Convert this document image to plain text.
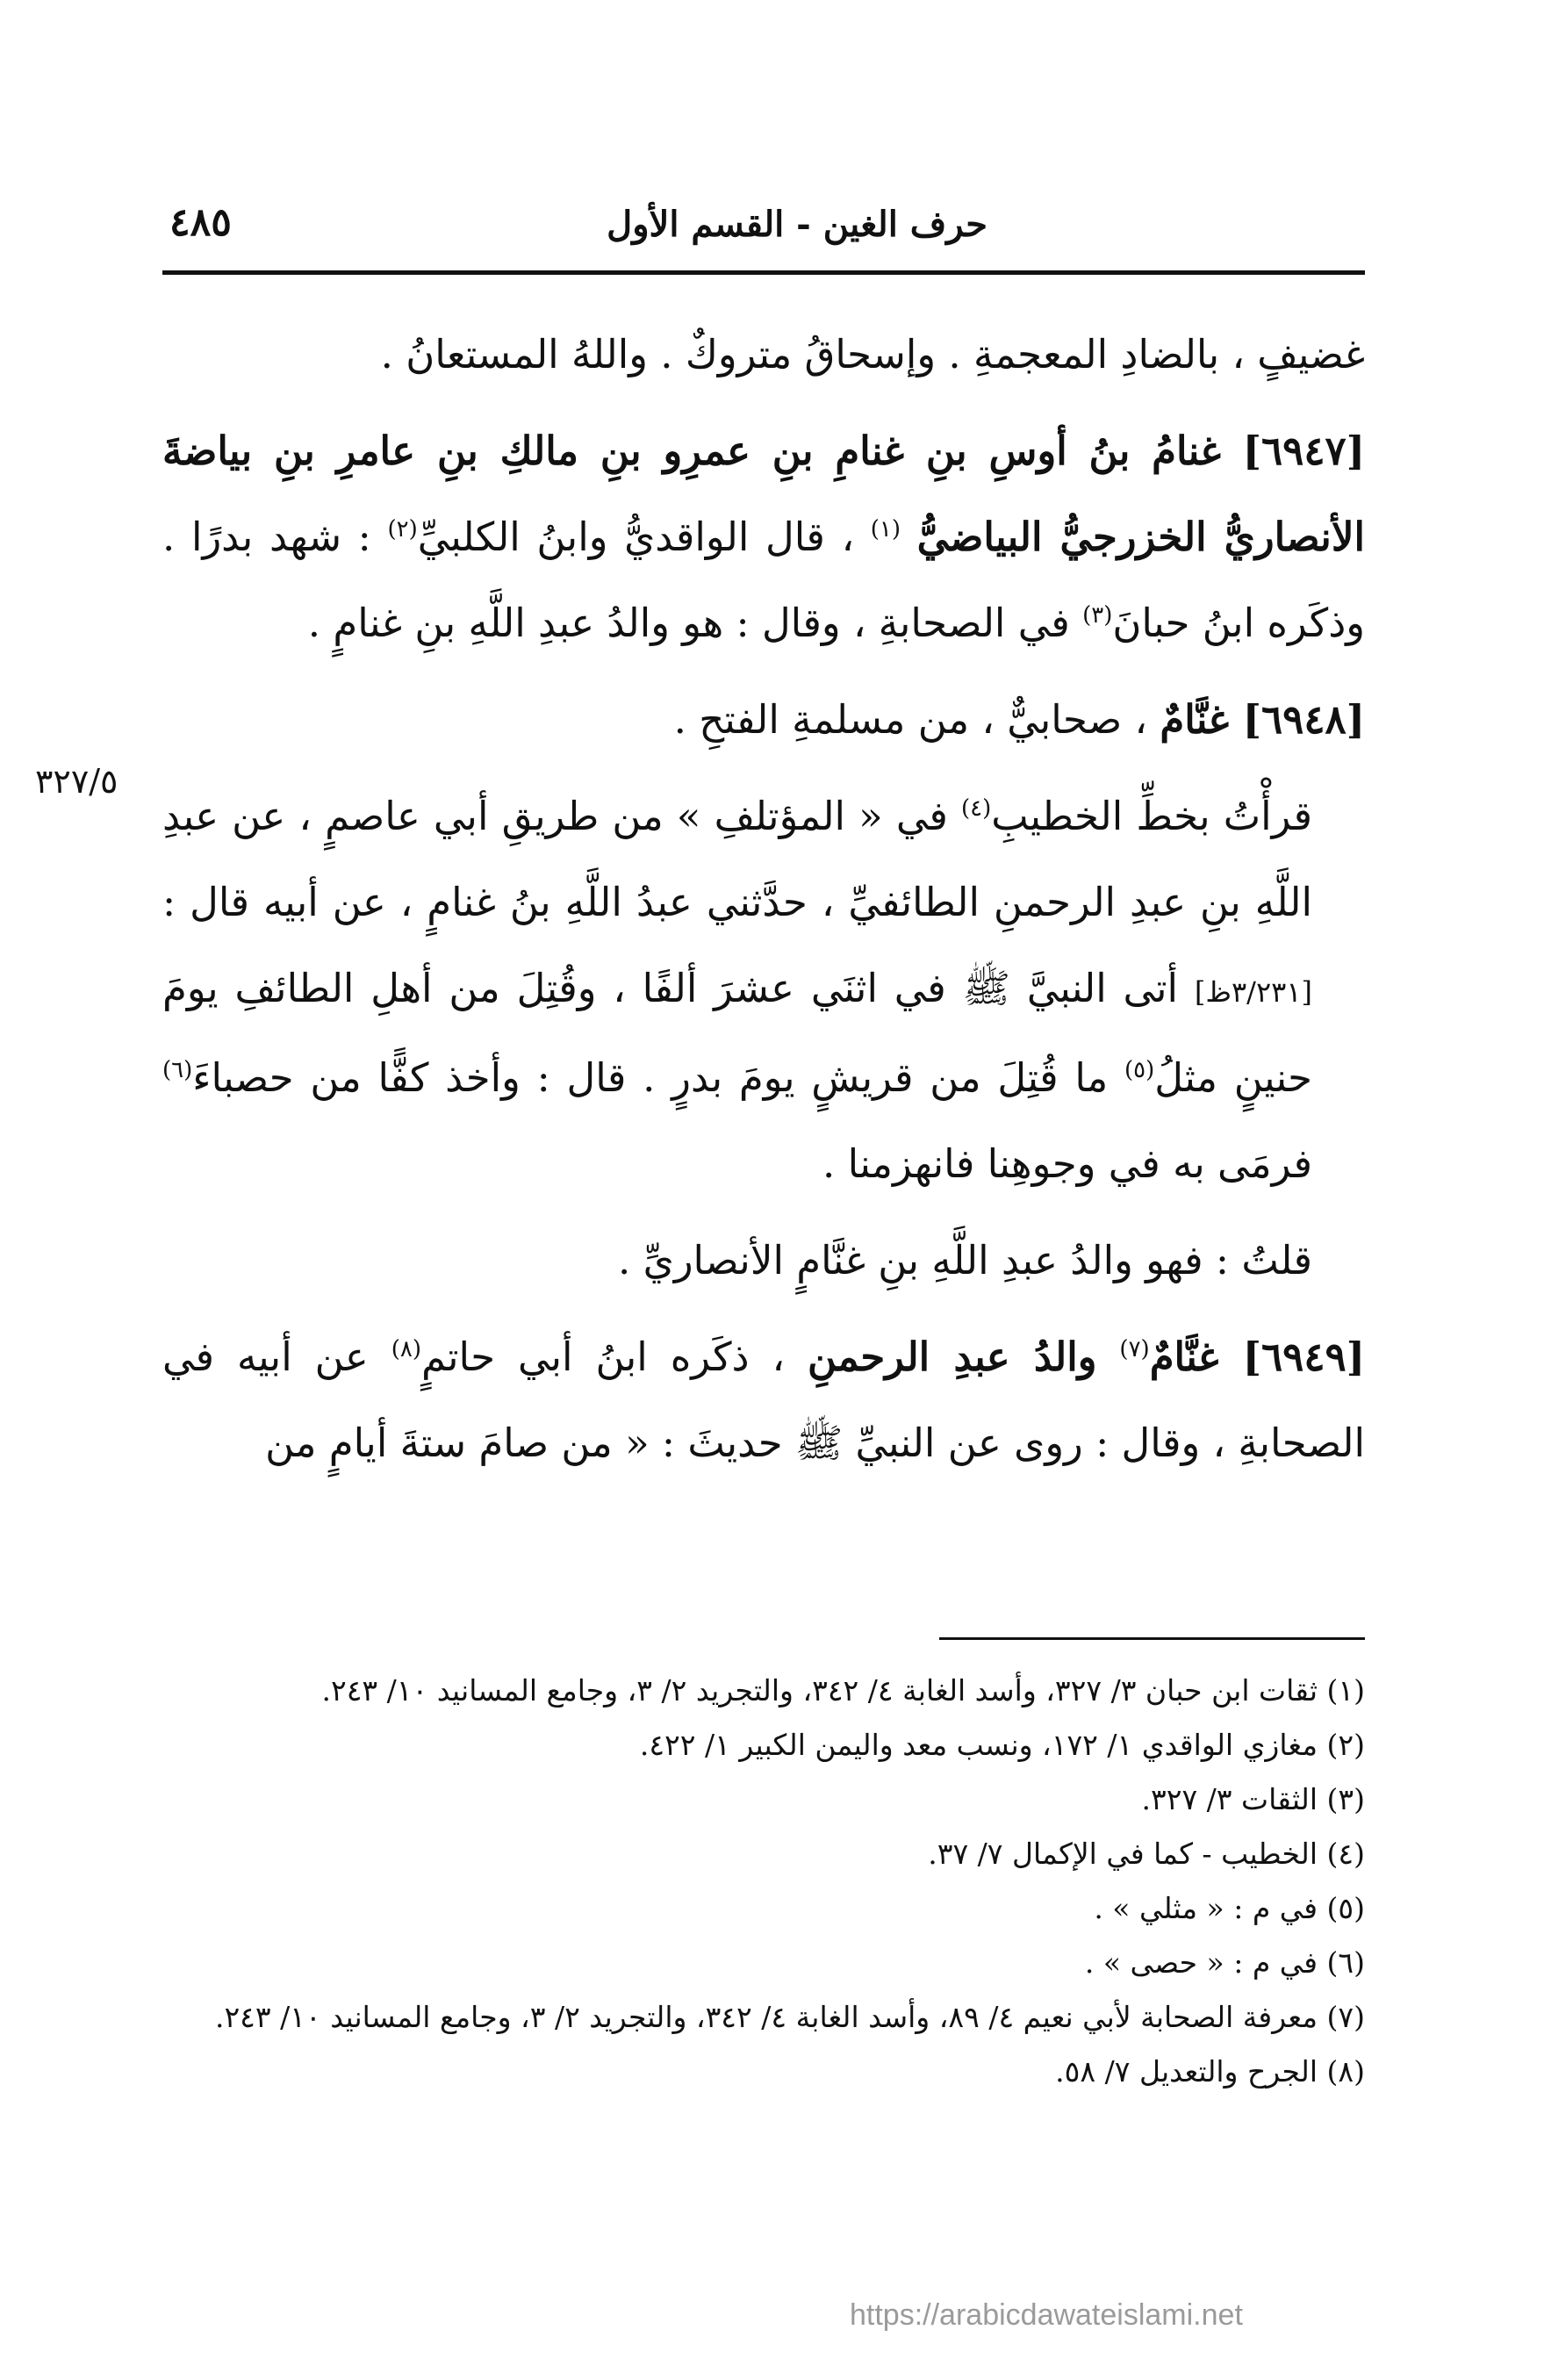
حرف الغين - القسم الأول
٤٨٥
٣٢٧/٥

غضيفٍ ، بالضادِ المعجمةِ . وإسحاقُ متروكٌ . واللهُ المستعانُ .

[٦٩٤٧] غنامُ بنُ أوسِ بنِ غنامِ بنِ عمرِو بنِ مالكِ بنِ عامرِ بنِ بياضةَ الأنصاريُّ الخزرجيُّ البياضيُّ $^{(١)}$ ، قال الواقديُّ وابنُ الكلبيِّ$^{(٢)}$ : شهد بدرًا . وذكَره ابنُ حبانَ$^{(٣)}$ في الصحابةِ ، وقال : هو والدُ عبدِ اللَّهِ بنِ غنامٍ .

[٦٩٤٨] غنَّامٌ ، صحابيٌّ ، من مسلمةِ الفتحِ .

قرأْتُ بخطِّ الخطيبِ$^{(٤)}$ في « المؤتلفِ » من طريقِ أبي عاصمٍ ، عن عبدِ اللَّهِ بنِ عبدِ الرحمنِ الطائفيِّ ، حدَّثني عبدُ اللَّهِ بنُ غنامٍ ، عن أبيه قال : [٣/٢٣١ظ] أتى النبيَّ ﷺ في اثنَي عشرَ ألفًا ، وقُتِلَ من أهلِ الطائفِ يومَ حنينٍ مثلُ$^{(٥)}$ ما قُتِلَ من قريشٍ يومَ بدرٍ . قال : وأخذ كفًّا من حصباءَ$^{(٦)}$ فرمَى به في وجوهِنا فانهزمنا .

قلتُ : فهو والدُ عبدِ اللَّهِ بنِ غنَّامٍ الأنصاريِّ .

[٦٩٤٩] غنَّامٌ$^{(٧)}$ والدُ عبدِ الرحمنِ ، ذكَره ابنُ أبي حاتمٍ$^{(٨)}$ عن أبيه في الصحابةِ ، وقال : روى عن النبيِّ ﷺ حديثَ : « من صامَ ستةَ أيامٍ من

(١) ثقات ابن حبان ٣/ ٣٢٧، وأسد الغابة ٤/ ٣٤٢، والتجريد ٢/ ٣، وجامع المسانيد ١٠/ ٢٤٣.

(٢) مغازي الواقدي ١/ ١٧٢، ونسب معد واليمن الكبير ١/ ٤٢٢.

(٣) الثقات ٣/ ٣٢٧.

(٤) الخطيب - كما في الإكمال ٧/ ٣٧.

(٥) في م : « مثلي » .

(٦) في م : « حصى » .

(٧) معرفة الصحابة لأبي نعيم ٤/ ٨٩، وأسد الغابة ٤/ ٣٤٢، والتجريد ٢/ ٣، وجامع المسانيد ١٠/ ٢٤٣.

(٨) الجرح والتعديل ٧/ ٥٨.

https://arabicdawateislami.net
